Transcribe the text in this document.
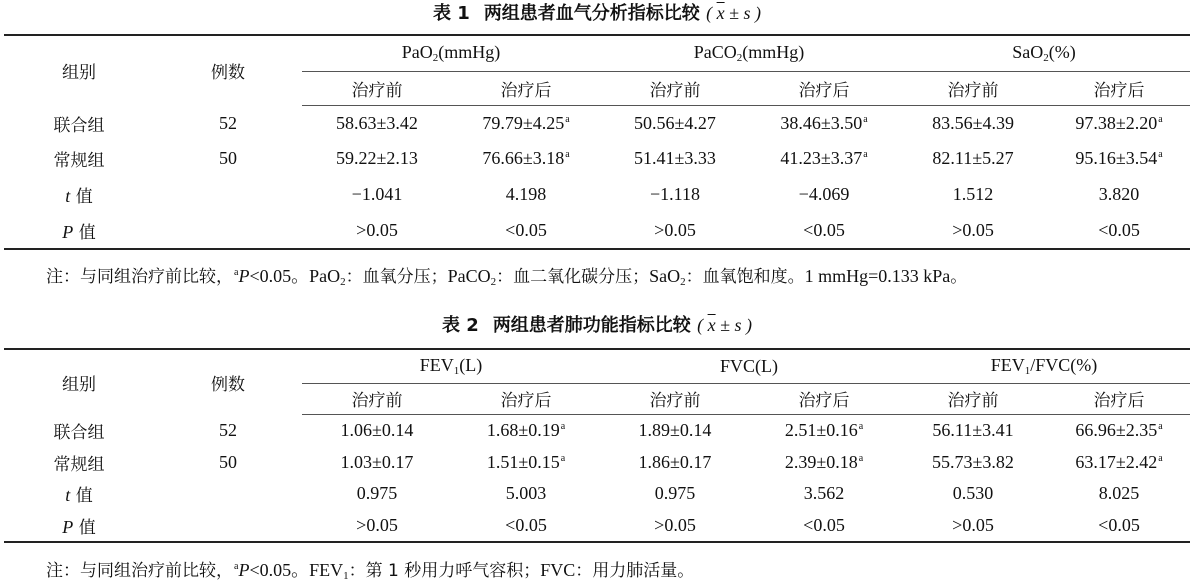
表 1 两组患者血气分析指标比较 ( $\overline{x} \pm s$ )
组别	例数	PaO$_2$(mmHg)		PaCO$_2$(mmHg)		SaO$_2$(%)	
		治疗前	治疗后	治疗前	治疗后	治疗前	治疗后
联合组	52	58.63±3.42	79.79±4.25$^a$	50.56±4.27	38.46±3.50$^a$	83.56±4.39	97.38±2.20$^a$
常规组	50	59.22±2.13	76.66±3.18$^a$	51.41±3.33	41.23±3.37$^a$	82.11±5.27	95.16±3.54$^a$
t 值		−1.041	4.198	−1.118	−4.069	1.512	3.820
P 值		>0.05	<0.05	>0.05	<0.05	>0.05	<0.05
注：与同组治疗前比较，$^a$P<0.05。PaO$_2$：血氧分压；PaCO$_2$：血二氧化碳分压；SaO$_2$：血氧饱和度。1 mmHg=0.133 kPa。
表 2 两组患者肺功能指标比较 ( $\overline{x} \pm s$ )
组别	例数	$FEV_1(L)$		FVC(L)		$FEV_1/FVC(\%)$	
		治疗前	治疗后	治疗前	治疗后	治疗前	治疗后
联合组	52	1.06±0.14	1.68±0.19$^a$	1.89±0.14	2.51±0.16$^a$	56.11±3.41	66.96±2.35$^a$
常规组	50	1.03±0.17	1.51±0.15$^a$	1.86±0.17	2.39±0.18$^a$	55.73±3.82	63.17±2.42$^a$
t 值		0.975	5.003	0.975	3.562	0.530	8.025
P 值		>0.05	<0.05	>0.05	<0.05	>0.05	<0.05
注：与同组治疗前比较，$^a$P<0.05。$FEV_1$：第 1 秒用力呼气容积；FVC：用力肺活量。
